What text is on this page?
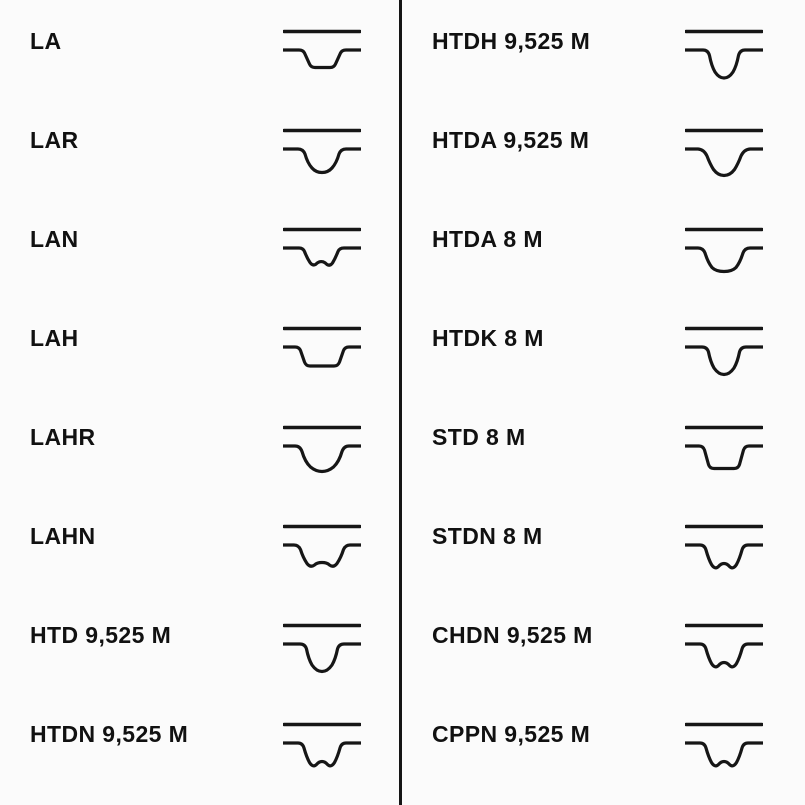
LA
LAR
LAN
LAH
LAHR
LAHN
HTD 9,525 M
HTDN 9,525 M
HTDH 9,525 M
HTDA 9,525 M
HTDA 8 M
HTDK 8 M
STD 8 M
STDN 8 M
CHDN 9,525 M
CPPN 9,525 M
